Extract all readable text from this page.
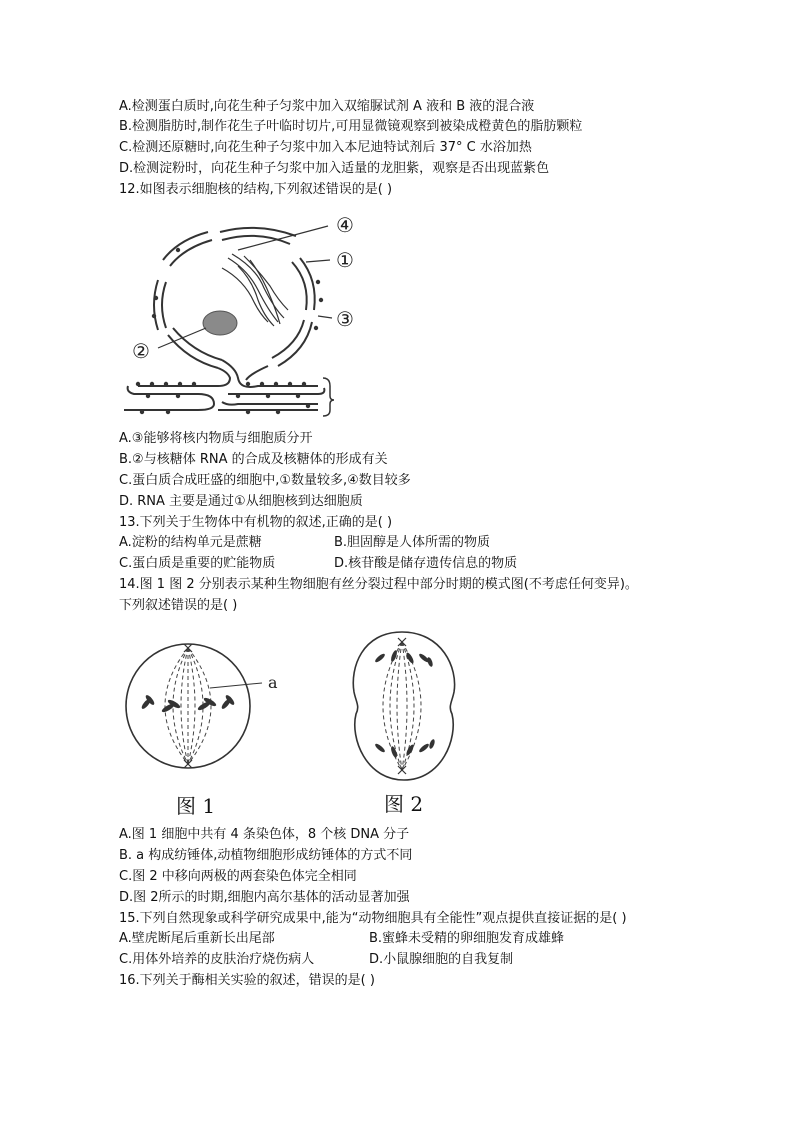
A.检测蛋白质时,向花生种子匀浆中加入双缩脲试剂 A 液和 B 液的混合液
B.检测脂肪时,制作花生子叶临时切片,可用显微镜观察到被染成橙黄色的脂肪颗粒
C.检测还原糖时,向花生种子匀浆中加入本尼迪特试剂后 37° C 水浴加热
D.检测淀粉时，向花生种子匀浆中加入适量的龙胆紫，观察是否出现蓝紫色
12.如图表示细胞核的结构,下列叙述错误的是( )
④
①
③
②
A.③能够将核内物质与细胞质分开
B.②与核糖体 RNA 的合成及核糖体的形成有关
C.蛋白质合成旺盛的细胞中,①数量较多,④数目较多
D. RNA 主要是通过①从细胞核到达细胞质
13.下列关于生物体中有机物的叙述,正确的是( )
A.淀粉的结构单元是蔗糖	B.胆固醇是人体所需的物质
C.蛋白质是重要的贮能物质	D.核苷酸是储存遗传信息的物质
14.图 1 图 2 分别表示某种生物细胞有丝分裂过程中部分时期的模式图(不考虑任何变异)。
下列叙述错误的是( )
a
图 1	图 2
A.图 1 细胞中共有 4 条染色体，8 个核 DNA 分子
B. a 构成纺锤体,动植物细胞形成纺锤体的方式不同
C.图 2 中移向两极的两套染色体完全相同
D.图 2所示的时期,细胞内高尔基体的活动显著加强
15.下列自然现象或科学研究成果中,能为“动物细胞具有全能性”观点提供直接证据的是( )
A.壁虎断尾后重新长出尾部	B.蜜蜂未受精的卵细胞发育成雄蜂
C.用体外培养的皮肤治疗烧伤病人	D.小鼠腺细胞的自我复制
16.下列关于酶相关实验的叙述，错误的是( )
